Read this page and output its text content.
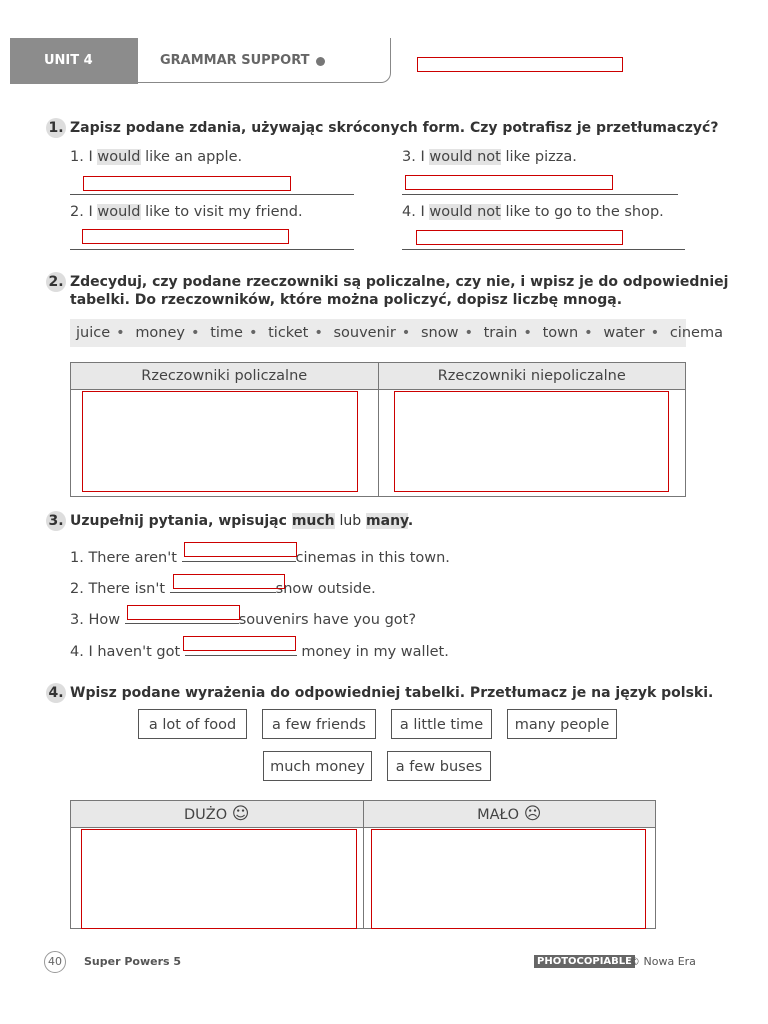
GRAMMAR SUPPORT
UNIT 4
1. Zapisz podane zdania, używając skróconych form. Czy potrafisz je przetłumaczyć?
1. I would like an apple.	3. I would not like pizza.
2. I would like to visit my friend.	4. I would not like to go to the shop.
2. Zdecyduj, czy podane rzeczowniki są policzalne, czy nie, i wpisz je do odpowiedniej
tabelki. Do rzeczowników, które można policzyć, dopisz liczbę mnogą.
juice • money • time • ticket • souvenir • snow • train • town • water • cinema
Rzeczowniki policzalne	Rzeczowniki niepoliczalne

3. Uzupełnij pytania, wpisując much lub many.
1. There aren't	cinemas in this town.
2. There isn't	snow outside.
3. How	souvenirs have you got?
4. I haven't got	money in my wallet.
4. Wpisz podane wyrażenia do odpowiedniej tabelki. Przetłumacz je na język polski.
a lot of food	a few friends	a little time	many people
much money	a few buses
DUŻO ☺	MAŁO ☹

40	Super Powers 5	PHOTOCOPIABLE
© Nowa Era
